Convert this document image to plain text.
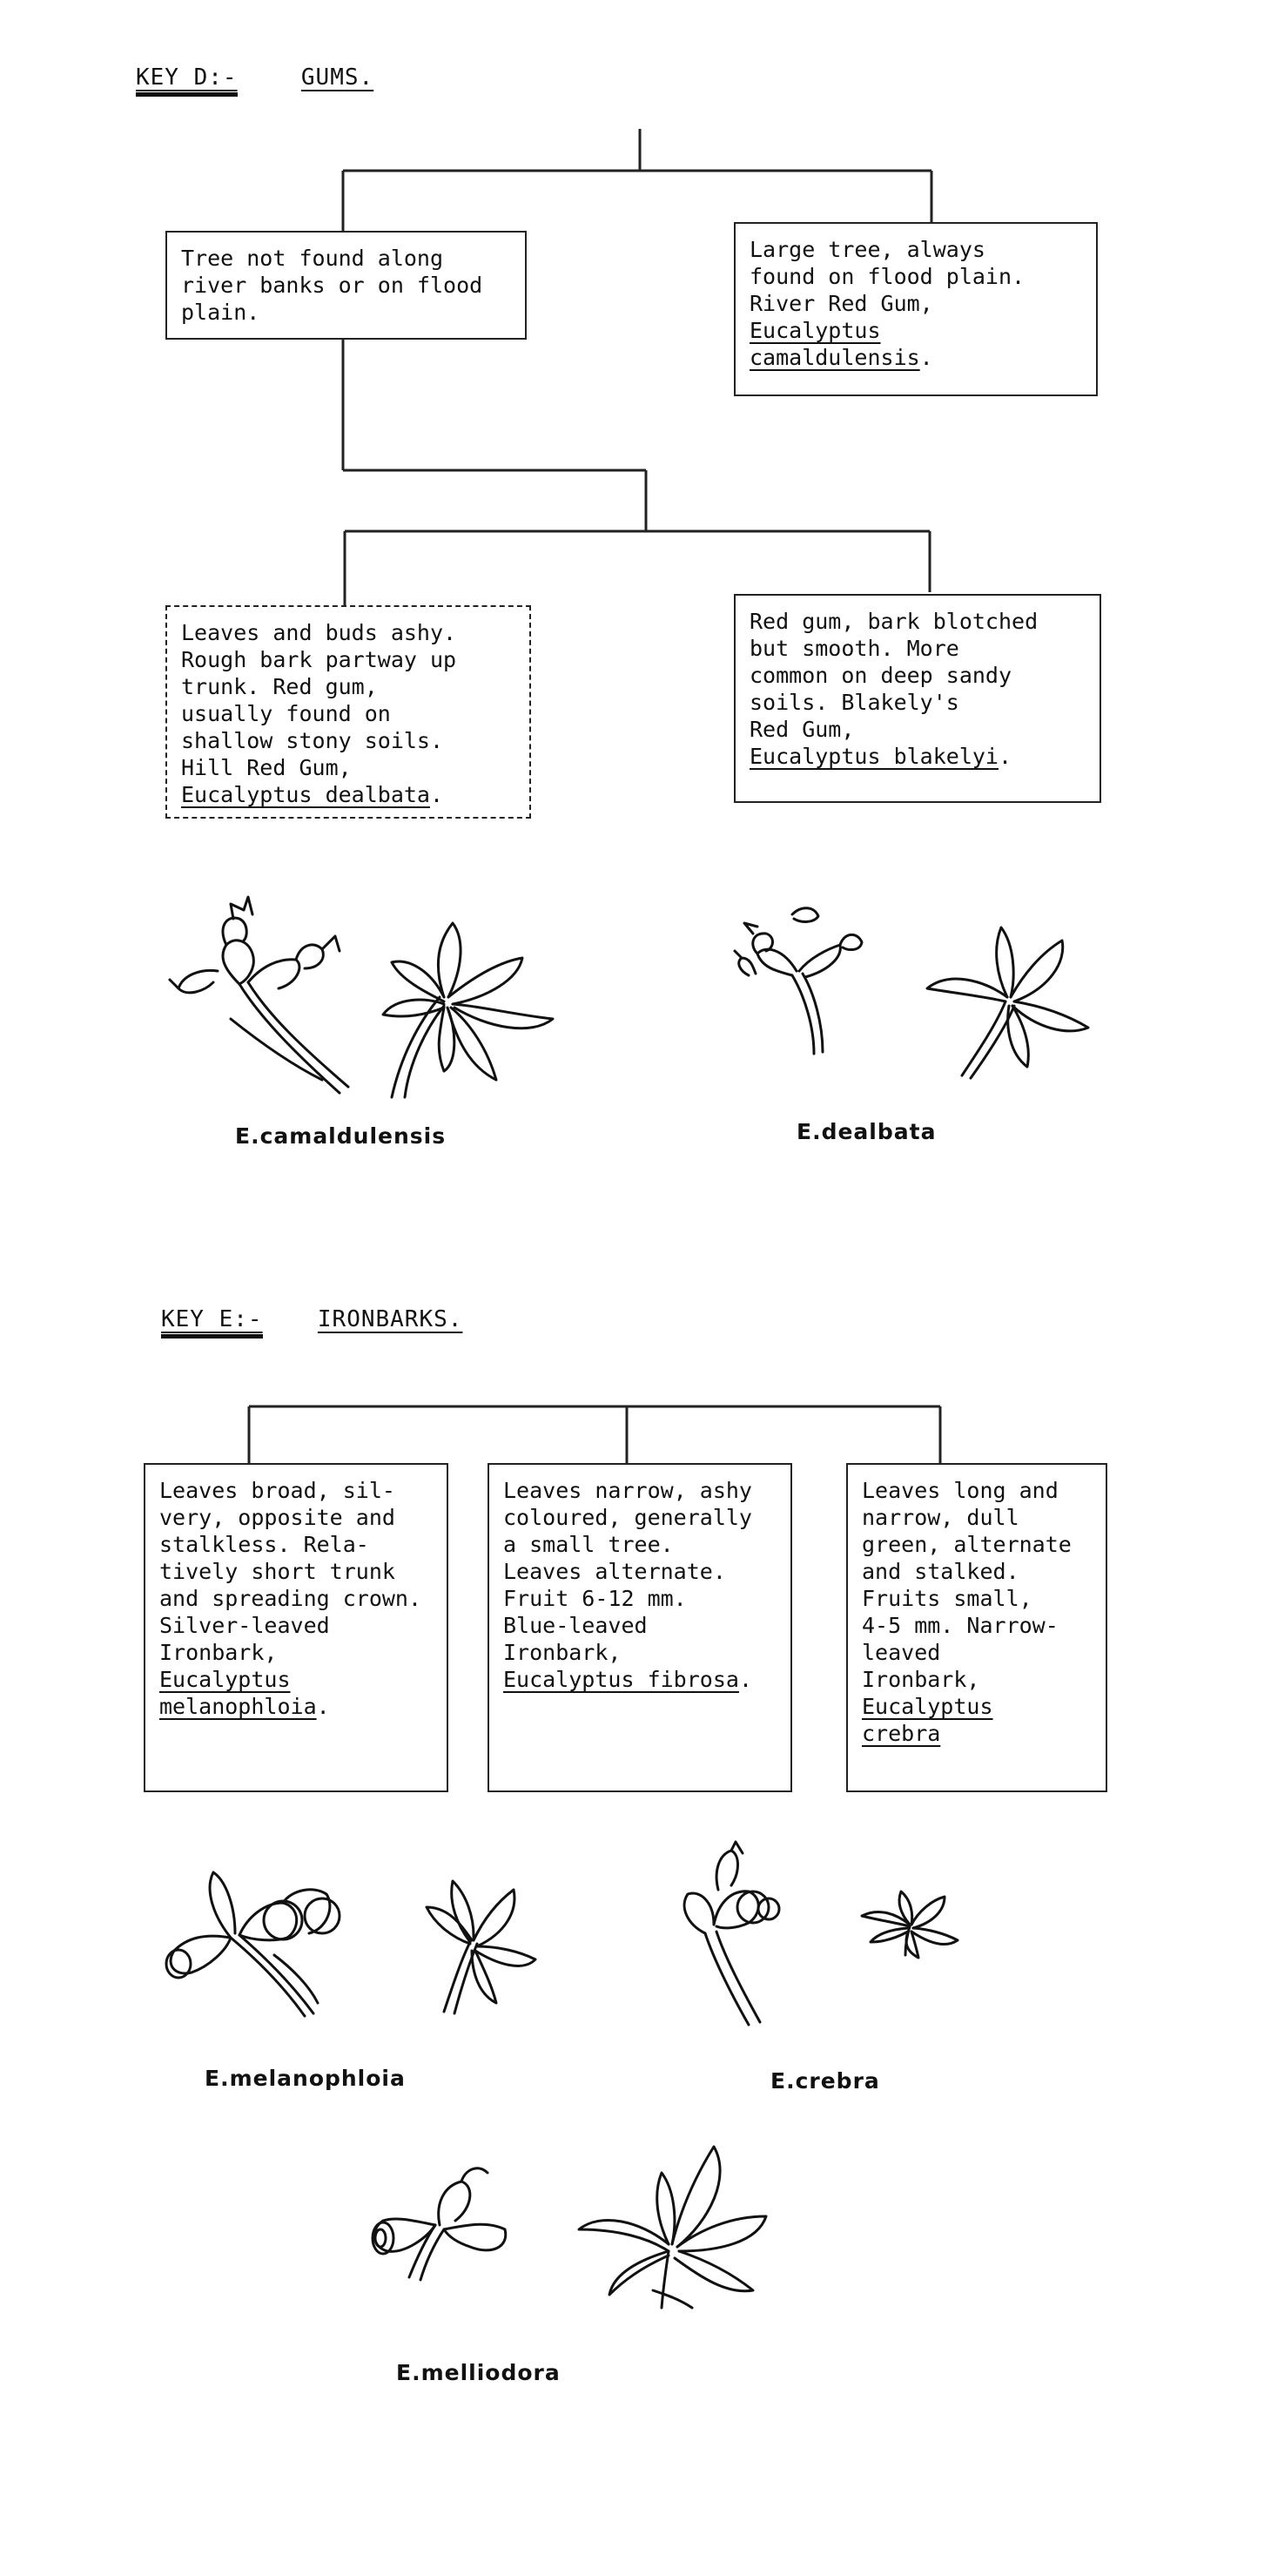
KEY D:-	GUMS.
Tree not found along
river banks or on flood
plain.
Large tree, always
found on flood plain.
River Red Gum,
Eucalyptus
camaldulensis.
Leaves and buds ashy.
Rough bark partway up
trunk. Red gum,
usually found on
shallow stony soils.
Hill Red Gum,
Eucalyptus dealbata.
Red gum, bark blotched
but smooth. More
common on deep sandy
soils. Blakely's
Red Gum,
Eucalyptus blakelyi.
E.camaldulensis	E.dealbata
KEY E:- IRONBARKS.
Leaves broad, sil-
very, opposite and
stalkless. Rela-
tively short trunk
and spreading crown.
Silver-leaved
Ironbark,
Eucalyptus
melanophloia.
Leaves narrow, ashy
coloured, generally
a small tree.
Leaves alternate.
Fruit 6-12 mm.
Blue-leaved
Ironbark,
Eucalyptus fibrosa.
Leaves long and
narrow, dull
green, alternate
and stalked.
Fruits small,
4-5 mm. Narrow-
leaved
Ironbark,
Eucalyptus
crebra
E.melanophloia	E.crebra
E.melliodora
